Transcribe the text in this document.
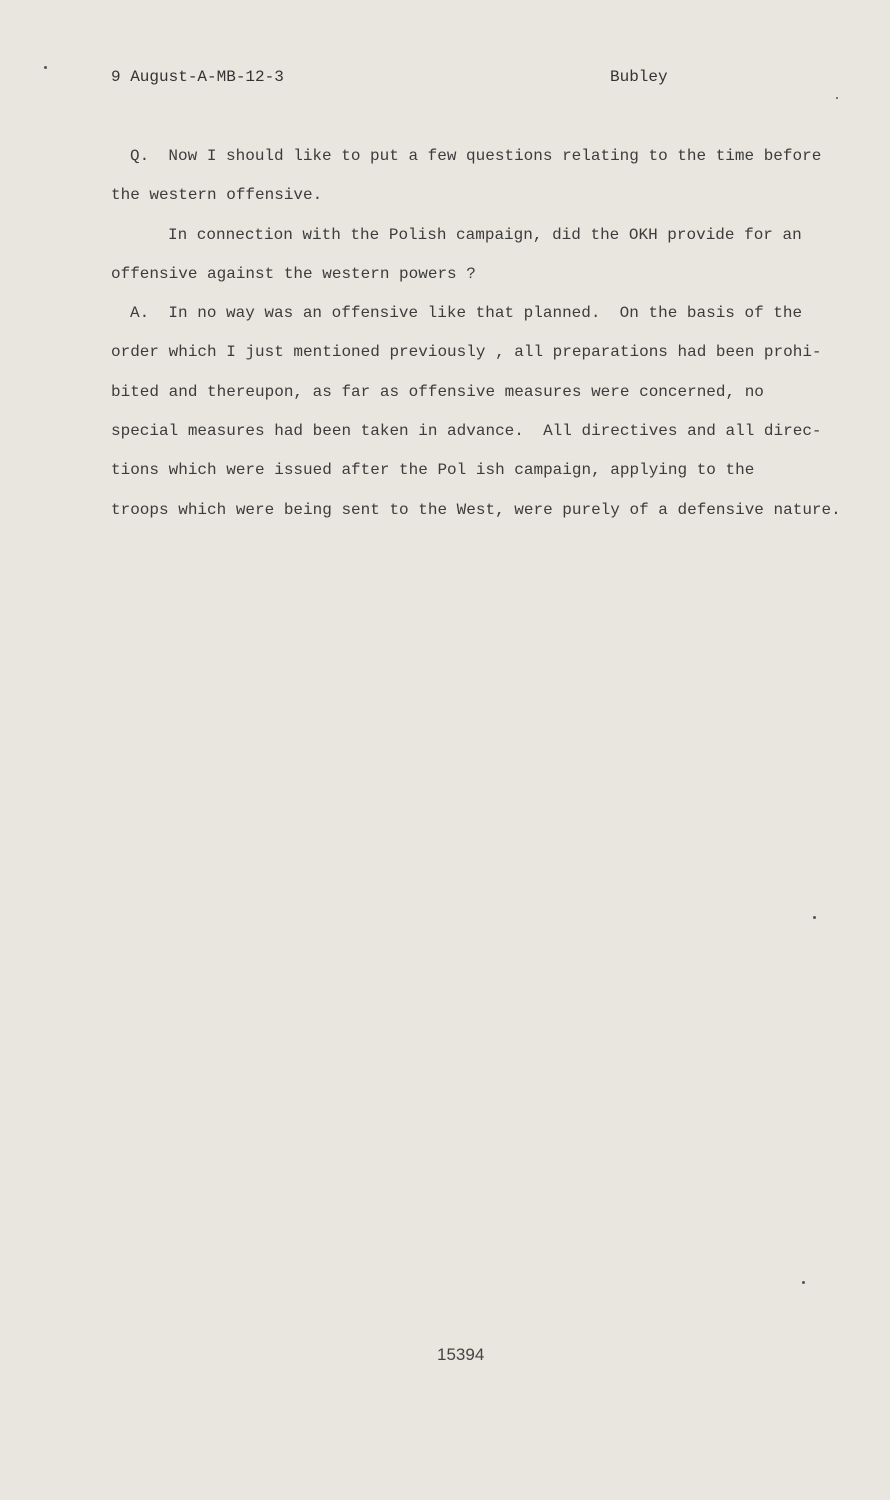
9 August-A-MB-12-3	Bubley
Q.  Now I should like to put a few questions relating to the time before
the western offensive.
In connection with the Polish campaign, did the OKH provide for an
offensive against the western powers ?
A.  In no way was an offensive like that planned.  On the basis of the
order which I just mentioned previously , all preparations had been prohi-
bited and thereupon, as far as offensive measures were concerned, no
special measures had been taken in advance.  All directives and all direc-
tions which were issued after the Pol ish campaign, applying to the
troops which were being sent to the West, were purely of a defensive nature.
15394
